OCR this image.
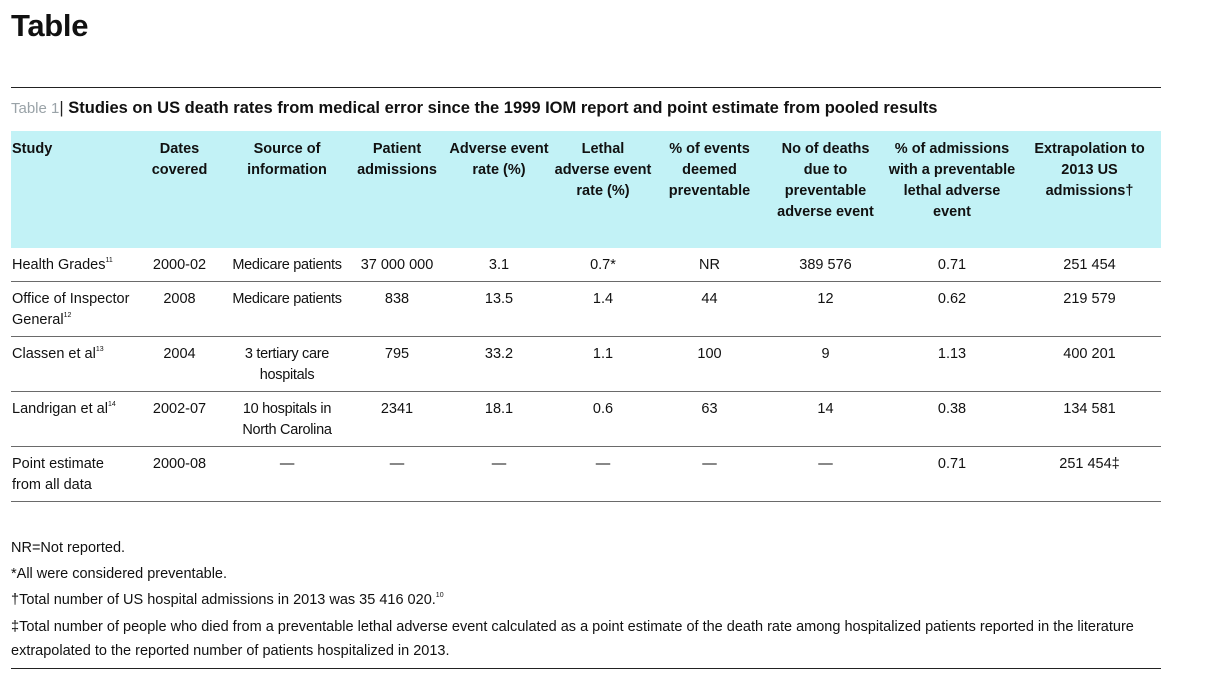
Table
Table 1| Studies on US death rates from medical error since the 1999 IOM report and point estimate from pooled results
Study	Dates covered	Source of information	Patient admissions	Adverse event rate (%)	Lethal adverse event rate (%)	% of events deemed preventable	No of deaths due to preventable adverse event	% of admissions with a preventable lethal adverse event	Extrapolation to 2013 US admissions†
Health Grades$^{11}$	2000-02	Medicare patients	37 000 000	3.1	0.7*	NR	389 576	0.71	251 454
Office of Inspector General$^{12}$	2008	Medicare patients	838	13.5	1.4	44	12	0.62	219 579
Classen et $al^{13}$	2004	3 tertiary care hospitals	795	33.2	1.1	100	9	1.13	400 201
Landrigan et $al^{14}$	2002-07	10 hospitals in North Carolina	2341	18.1	0.6	63	14	0.38	134 581
Point estimate from all data	2000-08	—	—	—	—	—	—	0.71	251 454‡

NR=Not reported.

*All were considered preventable.

†Total number of US hospital admissions in 2013 was 35 416 020.10

‡Total number of people who died from a preventable lethal adverse event calculated as a point estimate of the death rate among hospitalized patients reported in the literature extrapolated to the reported number of patients hospitalized in 2013.
